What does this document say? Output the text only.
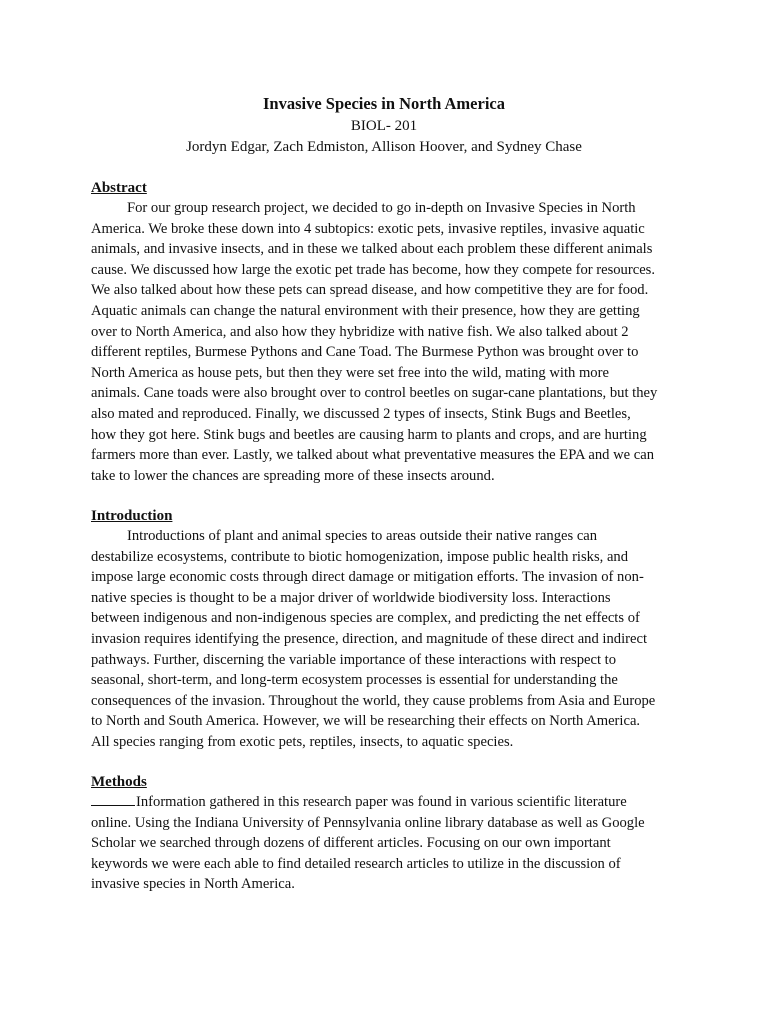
Invasive Species in North America
BIOL- 201
Jordyn Edgar, Zach Edmiston, Allison Hoover, and Sydney Chase
Abstract

For our group research project, we decided to go in-depth on Invasive Species in North
America. We broke these down into 4 subtopics: exotic pets, invasive reptiles, invasive aquatic
animals, and invasive insects, and in these we talked about each problem these different animals
cause. We discussed how large the exotic pet trade has become, how they compete for resources.
We also talked about how these pets can spread disease, and how competitive they are for food.
Aquatic animals can change the natural environment with their presence, how they are getting
over to North America, and also how they hybridize with native fish. We also talked about 2
different reptiles, Burmese Pythons and Cane Toad. The Burmese Python was brought over to
North America as house pets, but then they were set free into the wild, mating with more
animals. Cane toads were also brought over to control beetles on sugar-cane plantations, but they
also mated and reproduced. Finally, we discussed 2 types of insects, Stink Bugs and Beetles,
how they got here. Stink bugs and beetles are causing harm to plants and crops, and are hurting
farmers more than ever. Lastly, we talked about what preventative measures the EPA and we can
take to lower the chances are spreading more of these insects around.

Introduction

Introductions of plant and animal species to areas outside their native ranges can
destabilize ecosystems, contribute to biotic homogenization, impose public health risks, and
impose large economic costs through direct damage or mitigation efforts. The invasion of non-
native species is thought to be a major driver of worldwide biodiversity loss. Interactions
between indigenous and non-indigenous species are complex, and predicting the net effects of
invasion requires identifying the presence, direction, and magnitude of these direct and indirect
pathways. Further, discerning the variable importance of these interactions with respect to
seasonal, short-term, and long-term ecosystem processes is essential for understanding the
consequences of the invasion. Throughout the world, they cause problems from Asia and Europe
to North and South America. However, we will be researching their effects on North America.
All species ranging from exotic pets, reptiles, insects, to aquatic species.

Methods

Information gathered in this research paper was found in various scientific literature
online. Using the Indiana University of Pennsylvania online library database as well as Google
Scholar we searched through dozens of different articles. Focusing on our own important
keywords we were each able to find detailed research articles to utilize in the discussion of
invasive species in North America.
